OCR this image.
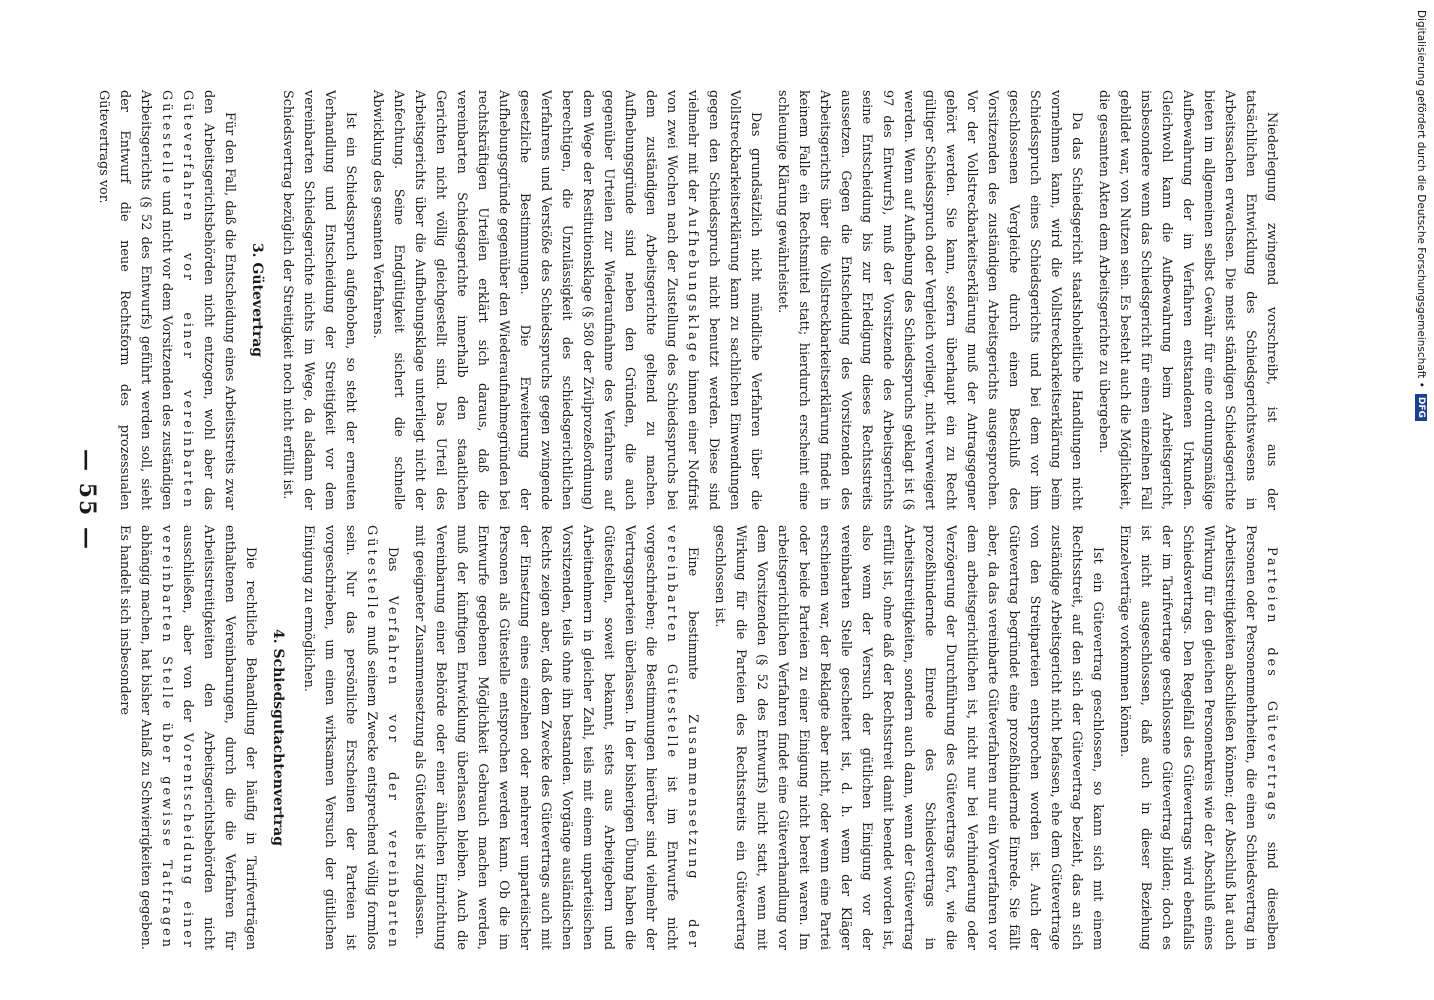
— 55 —	Niederlegung zwingend vorschreibt, ist aus der tatsächlichen Entwicklung des Schiedsgerichtswesens in Arbeitssachen erwachsen. Die meist ständigen Schiedsgerichte bieten im allgemeinen selbst Gewähr für eine ordnungsmäßige Aufbewahrung der im Verfahren entstandenen Urkunden. Gleichwohl kann die Aufbewahrung beim Arbeitsgericht, insbesondere wenn das Schiedsgericht für einen einzelnen Fall gebildet war, von Nutzen sein. Es besteht auch die Möglichkeit, die gesamten Akten dem Arbeitsgerichte zu übergeben.

Da das Schiedsgericht staatshoheitliche Handlungen nicht vornehmen kann, wird die Vollstreckbarkeitserklärung beim Schiedsspruch eines Schiedsgerichts und bei dem vor ihm geschlossenen Vergleiche durch einen Beschluß des Vorsitzenden des zuständigen Arbeitsgerichts ausgesprochen. Vor der Vollstreckbarkeitserklärung muß der Antragsgegner gehört werden. Sie kann, sofern überhaupt ein zu Recht gültiger Schiedsspruch oder Vergleich vorliegt, nicht verweigert werden. Wenn auf Aufhebung des Schiedsspruchs geklagt ist (§ 97 des Entwurfs), muß der Vorsitzende des Arbeitsgerichts seine Entscheidung bis zur Erledigung dieses Rechtsstreits aussetzen. Gegen die Entscheidung des Vorsitzenden des Arbeitsgerichts über die Vollstreckbarkeitserklärung findet in keinem Falle ein Rechtsmittel statt; hierdurch erscheint eine schleunige Klärung gewährleistet.

Das grundsätzlich nicht mündliche Verfahren über die Vollstreckbarkeitserklärung kann zu sachlichen Einwendungen gegen den Schiedsspruch nicht benutzt werden. Diese sind vielmehr mit der Aufhebungsklage binnen einer Notfrist von zwei Wochen nach der Zustellung des Schiedsspruchs bei dem zuständigen Arbeitsgerichte geltend zu machen. Aufhebungsgründe sind neben den Gründen, die auch gegenüber Urteilen zur Wiederaufnahme des Verfahrens auf dem Wege der Restitutionsklage (§ 580 der Zivilprozeßordnung) berechtigen, die Unzulässigkeit des schiedsgerichtlichen Verfahrens und Verstöße des Schiedsspruchs gegen zwingende gesetzliche Bestimmungen. Die Erweiterung der Aufhebungsgründe gegenüber den Wiederaufnahmegründen bei rechtskräftigen Urteilen erklärt sich daraus, daß die vereinbarten Schiedsgerichte innerhalb den staatlichen Gerichten nicht völlig gleichgestellt sind. Das Urteil des Arbeitsgerichts über die Aufhebungsklage unterliegt nicht der Anfechtung. Seine Endgültigkeit sichert die schnelle Abwicklung des gesamten Verfahrens.

Ist ein Schiedsspruch aufgehoben, so steht der erneuten Verhandlung und Entscheidung der Streitigkeit vor dem vereinbarten Schiedsgerichte nichts im Wege, da alsdann der Schiedsvertrag bezüglich der Streitigkeit noch nicht erfüllt ist.

3. Gütevertrag

Für den Fall, daß die Entscheidung eines Arbeitsstreits zwar den Arbeitsgerichtsbehörden nicht entzogen, wohl aber das Güteverfahren vor einer vereinbarten Gütestelle und nicht vor dem Vorsitzenden des zuständigen Arbeitsgerichts (§ 52 des Entwurfs) geführt werden soll, sieht der Entwurf die neue Rechtsform des prozessualen Gütevertrags vor.

Parteien des Gütevertrags sind dieselben Personen oder Personenmehrheiten, die einen Schiedsvertrag in Arbeitsstreitigkeiten abschließen können; der Abschluß hat auch Wirkung für den gleichen Personenkreis wie der Abschluß eines Schiedsvertrags. Den Regelfall des Gütevertrags wird ebenfalls der im Tarifvertrage geschlossene Gütevertrag bilden; doch es ist nicht ausgeschlossen, daß auch in dieser Beziehung Einzelverträge vorkommen können.

Ist ein Gütevertrag geschlossen, so kann sich mit einem Rechtsstreit, auf den sich der Gütevertrag bezieht, das an sich zuständige Arbeitsgericht nicht befassen, ehe dem Gütevertrage von den Streitparteien entsprochen worden ist. Auch der Gütevertrag begründet eine prozeßhindernde Einrede. Sie fällt aber, da das vereinbarte Güteverfahren nur ein Vorverfahren vor dem arbeitsgerichtlichen ist, nicht nur bei Verhinderung oder Verzögerung der Durchführung des Gütevertrags fort, wie die prozeßhindernde Einrede des Schiedsvertrags in Arbeitsstreitigkeiten, sondern auch dann, wenn der Gütevertrag erfüllt ist, ohne daß der Rechtsstreit damit beendet worden ist, also wenn der Versuch der gütlichen Einigung vor der vereinbarten Stelle gescheitert ist, d. h. wenn der Kläger erschienen war, der Beklagte aber nicht, oder wenn eine Partei oder beide Parteien zu einer Einigung nicht bereit waren. Im arbeitsgerichtlichen Verfahren findet eine Güteverhandlung vor dem Vorsitzenden (§ 52 des Entwurfs) nicht statt, wenn mit Wirkung für die Parteien des Rechtsstreits ein Gütevertrag geschlossen ist.

Eine bestimmte Zusammensetzung der vereinbarten Gütestelle ist im Entwurfe nicht vorgeschrieben; die Bestimmungen hierüber sind vielmehr der Vertragsparteien überlassen. In der bisherigen Übung haben die Gütestellen, soweit bekannt, stets aus Arbeitgebern und Arbeitnehmern in gleicher Zahl, teils mit einem unparteiischen Vorsitzenden, teils ohne ihn bestanden. Vorgänge ausländischen Rechts zeigen aber, daß dem Zwecke des Gütevertrags auch mit der Einsetzung eines einzelnen oder mehrerer unparteiischer Personen als Gütestelle entsprochen werden kann. Ob die im Entwurfe gegebenen Möglichkeit Gebrauch machen werden, muß der künftigen Entwicklung überlassen bleiben. Auch die Vereinbarung einer Behörde oder einer ähnlichen Einrichtung mit geeigneter Zusammensetzung als Gütestelle ist zugelassen.

Das Verfahren vor der vereinbarten Gütestelle muß seinem Zwecke entsprechend völlig formlos sein. Nur das persönliche Erscheinen der Parteien ist vorgeschrieben, um einen wirksamen Versuch der gütlichen Einigung zu ermöglichen.

4. Schiedsgutachtenvertrag

Die rechtliche Behandlung der häufig in Tarifverträgen enthaltenen Vereinbarungen, durch die die Verfahren für Arbeitsstreitigkeiten den Arbeitsgerichtsbehörden nicht ausschließen, aber von der Vorentscheidung einer vereinbarten Stelle über gewisse Tatfragen abhängig machen, hat bisher Anlaß zu Schwierigkeiten gegeben. Es handelt sich insbesondere

Digitalisierung gefördert durch die Deutsche Forschungsgemeinschaft •DFG
